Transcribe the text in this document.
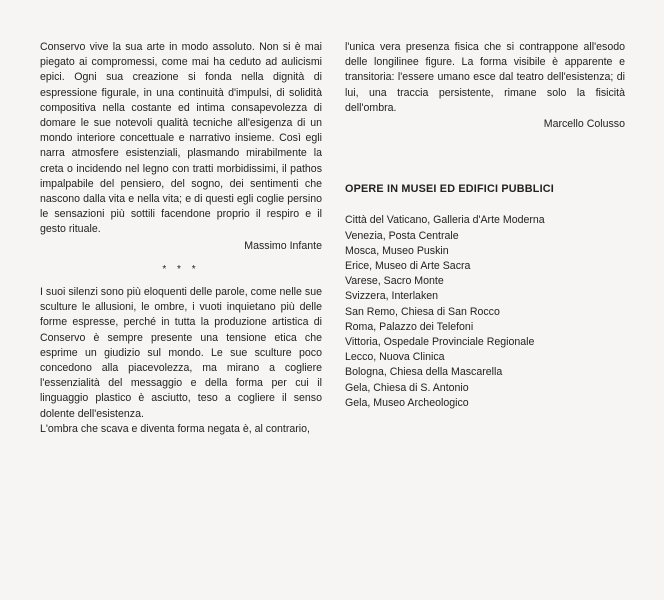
Conservo vive la sua arte in modo assoluto. Non si è mai piegato ai compromessi, come mai ha ceduto ad aulicismi epici. Ogni sua creazione si fonda nella dignità di espressione figurale, in una continuità d'impulsi, di solidità compositiva nella costante ed intima consapevolezza di domare le sue notevoli qualità tecniche all'esigenza di un mondo interiore concettuale e narrativo insieme. Così egli narra atmosfere esistenziali, plasmando mirabilmente la creta o incidendo nel legno con tratti morbidissimi, il pathos impalpabile del pensiero, del sogno, dei sentimenti che nascono dalla vita e nella vita; e di questi egli coglie persino le sensazioni più sottili facendone proprio il respiro e il gesto rituale.

Massimo Infante
* * *

I suoi silenzi sono più eloquenti delle parole, come nelle sue sculture le allusioni, le ombre, i vuoti inquietano più delle forme espresse, perché in tutta la produzione artistica di Conservo è sempre presente una tensione etica che esprime un giudizio sul mondo. Le sue sculture poco concedono alla piacevolezza, ma mirano a cogliere l'essenzialità del messaggio e della forma per cui il linguaggio plastico è asciutto, teso a cogliere il senso dolente dell'esistenza.

L'ombra che scava e diventa forma negata è, al contrario,

l'unica vera presenza fisica che si contrappone all'esodo delle longilinee figure. La forma visibile è apparente e transitoria: l'essere umano esce dal teatro dell'esistenza; di lui, una traccia persistente, rimane solo la fisicità dell'ombra.

Marcello Colusso
OPERE IN MUSEI ED EDIFICI PUBBLICI
Città del Vaticano, Galleria d'Arte Moderna
Venezia, Posta Centrale
Mosca, Museo Puskin
Erice, Museo di Arte Sacra
Varese, Sacro Monte
Svizzera, Interlaken
San Remo, Chiesa di San Rocco
Roma, Palazzo dei Telefoni
Vittoria, Ospedale Provinciale Regionale
Lecco, Nuova Clinica
Bologna, Chiesa della Mascarella
Gela, Chiesa di S. Antonio
Gela, Museo Archeologico
